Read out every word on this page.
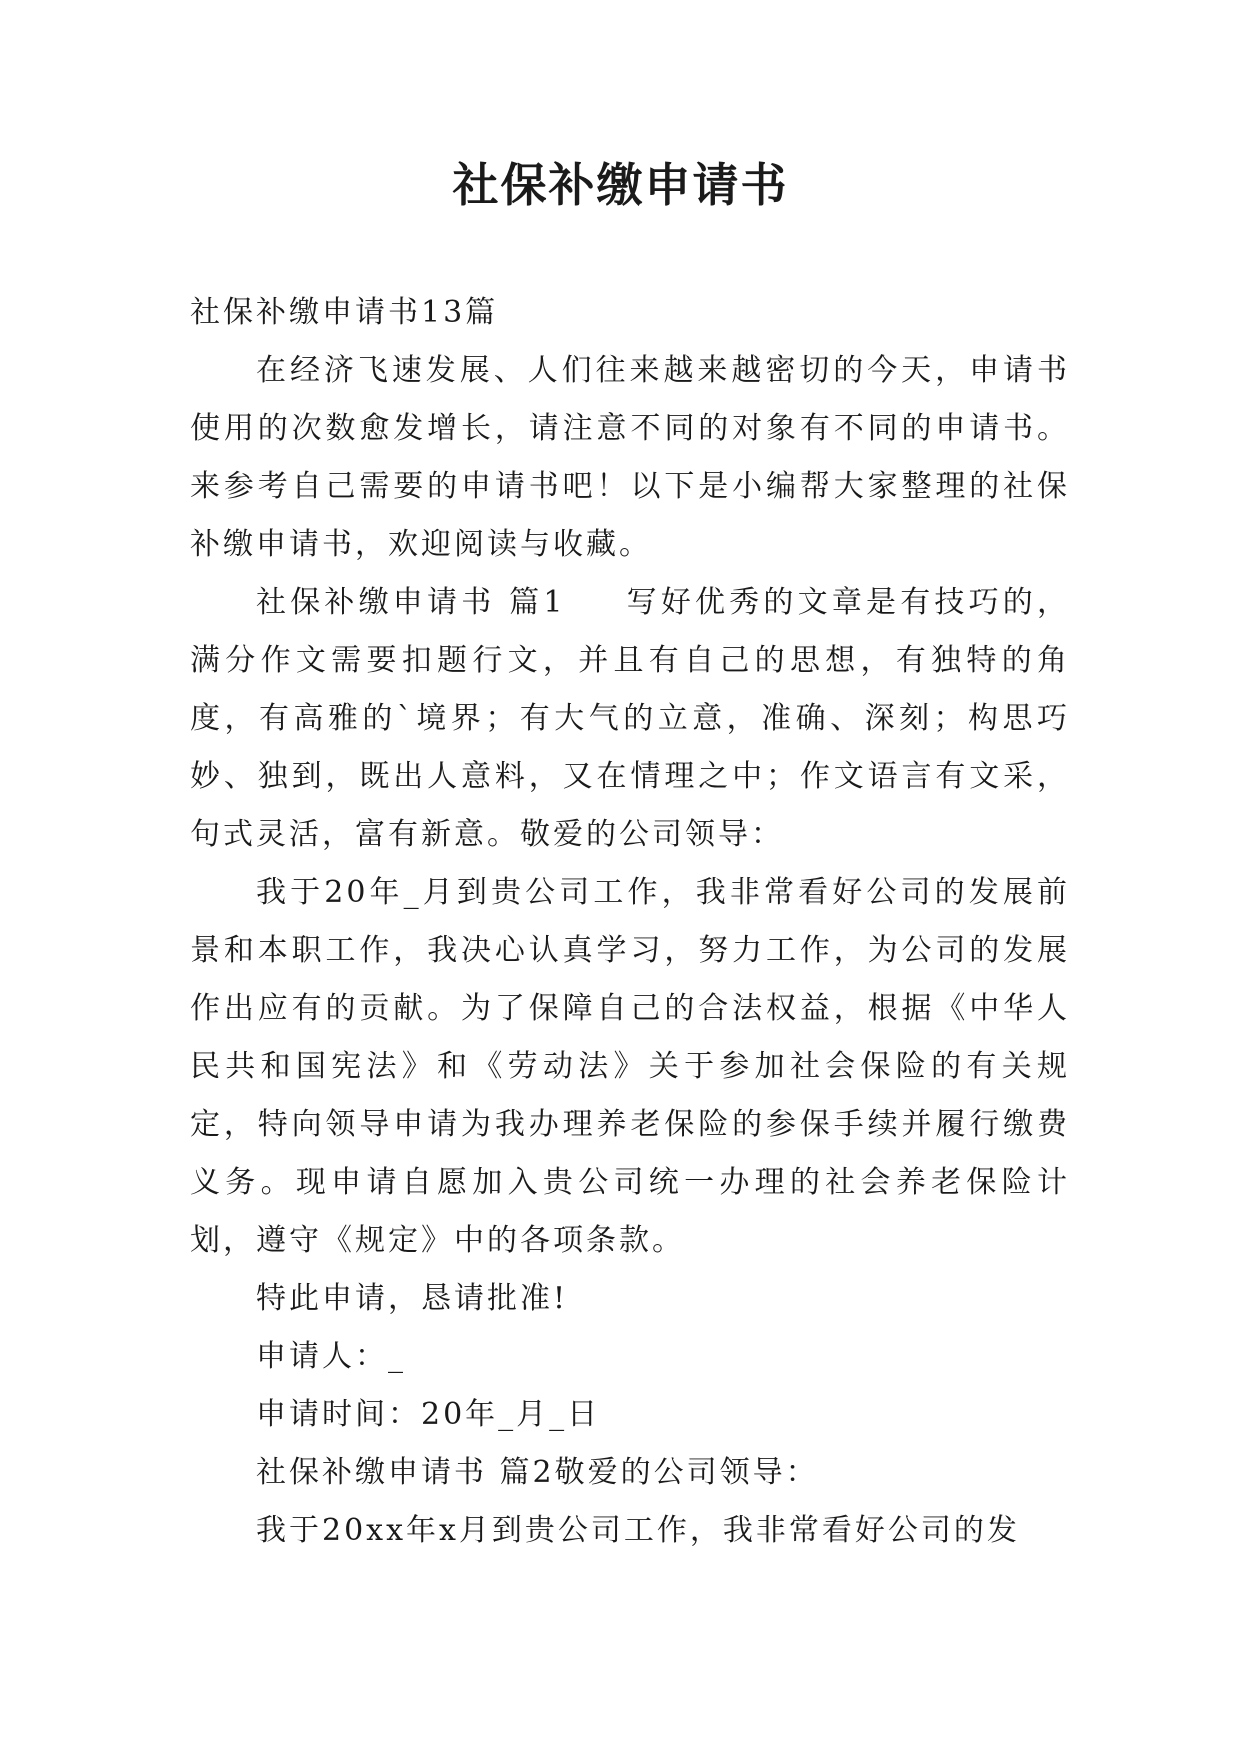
社保补缴申请书

社保补缴申请书13篇

在经济飞速发展、人们往来越来越密切的今天，申请书使用的次数愈发增长，请注意不同的对象有不同的申请书。来参考自己需要的申请书吧！以下是小编帮大家整理的社保补缴申请书，欢迎阅读与收藏。

社保补缴申请书 篇1 写好优秀的文章是有技巧的，满分作文需要扣题行文，并且有自己的思想，有独特的角度，有高雅的`境界；有大气的立意，准确、深刻；构思巧妙、独到，既出人意料，又在情理之中；作文语言有文采，句式灵活，富有新意。敬爱的公司领导：

我于20年_月到贵公司工作，我非常看好公司的发展前景和本职工作，我决心认真学习，努力工作，为公司的发展作出应有的贡献。为了保障自己的合法权益，根据《中华人民共和国宪法》和《劳动法》关于参加社会保险的有关规定，特向领导申请为我办理养老保险的参保手续并履行缴费义务。现申请自愿加入贵公司统一办理的社会养老保险计划，遵守《规定》中的各项条款。

特此申请，恳请批准!

申请人：_

申请时间：20年_月_日

社保补缴申请书 篇2敬爱的公司领导：

我于20xx年x月到贵公司工作，我非常看好公司的发
